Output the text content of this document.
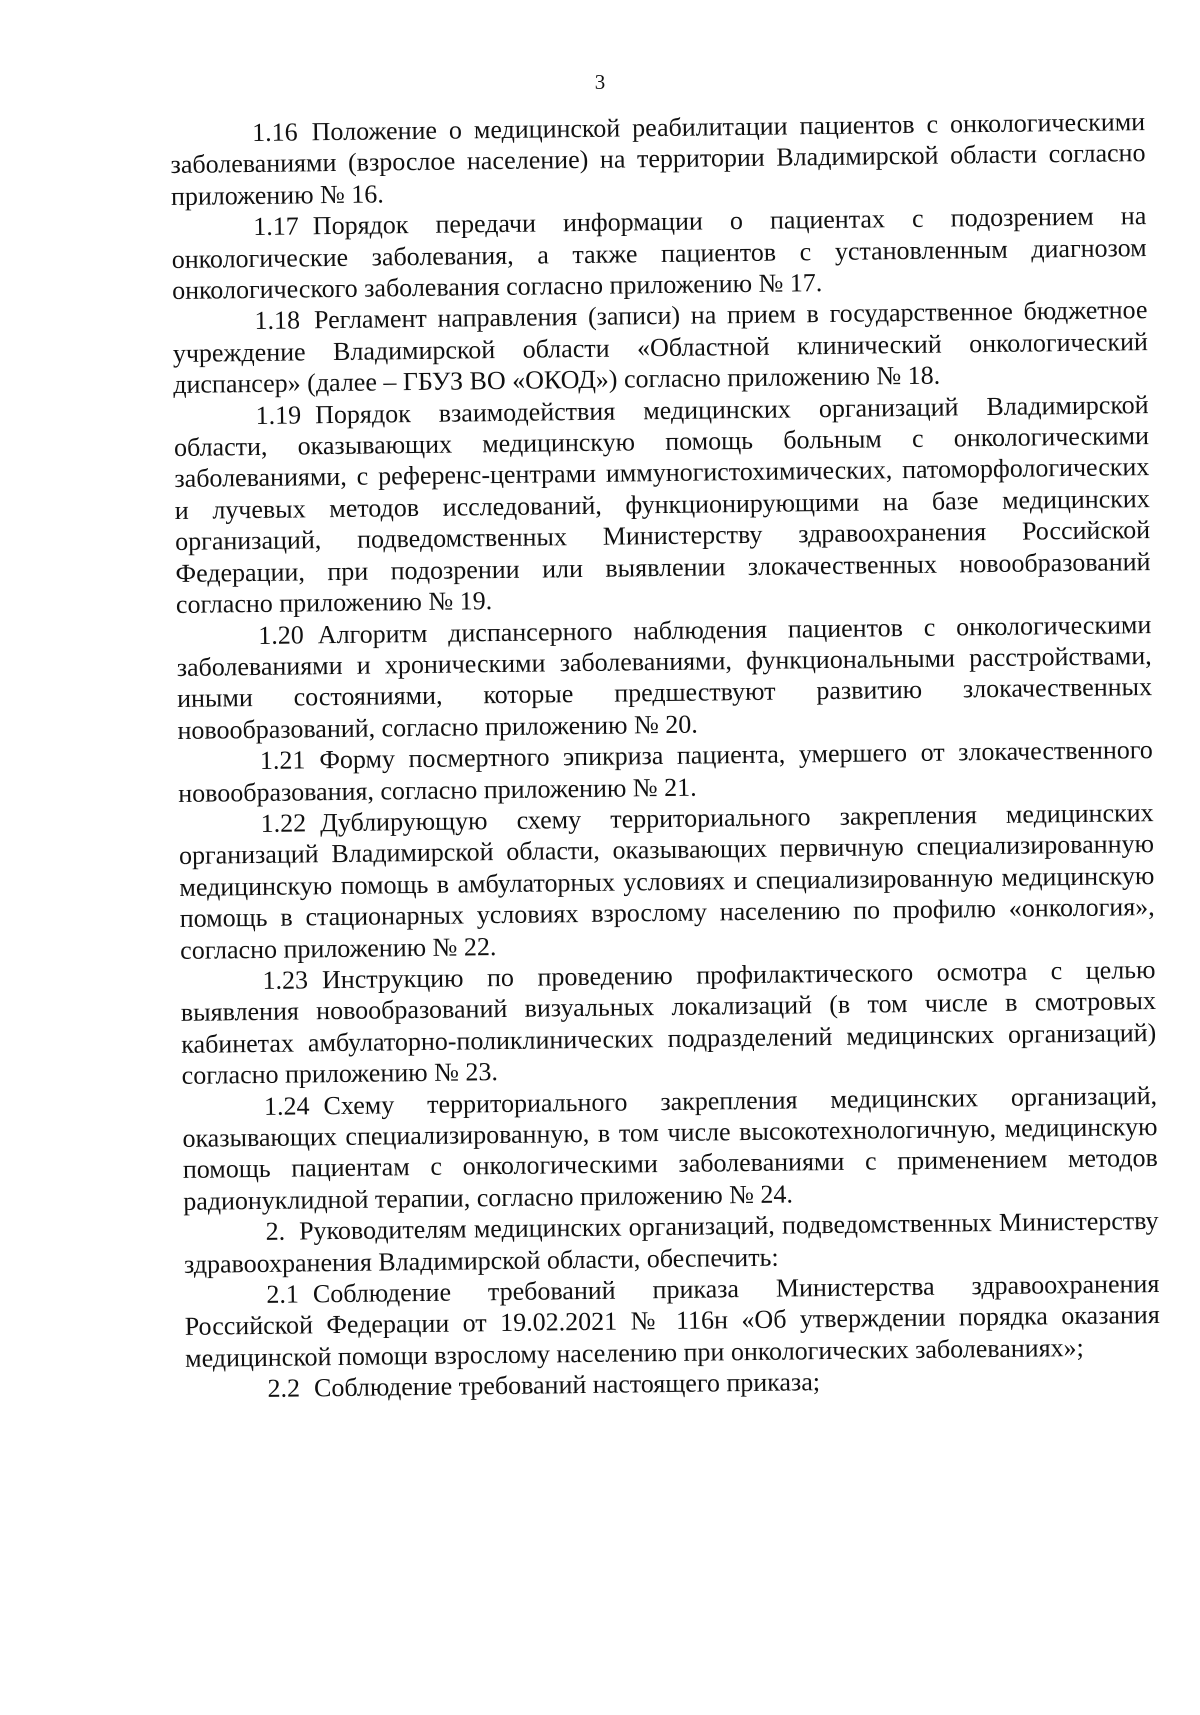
3

1.16 Положение о медицинской реабилитации пациентов с онкологическими заболеваниями (взрослое население) на территории Владимирской области согласно приложению № 16.

1.17 Порядок передачи информации о пациентах с подозрением на онкологические заболевания, а также пациентов с установленным диагнозом онкологического заболевания согласно приложению № 17.

1.18 Регламент направления (записи) на прием в государственное бюджетное учреждение Владимирской области «Областной клинический онкологический диспансер» (далее – ГБУЗ ВО «ОКОД») согласно приложению № 18.

1.19 Порядок взаимодействия медицинских организаций Владимирской области, оказывающих медицинскую помощь больным с онкологическими заболеваниями, с референс-центрами иммуногистохимических, патоморфологических и лучевых методов исследований, функционирующими на базе медицинских организаций, подведомственных Министерству здравоохранения Российской Федерации, при подозрении или выявлении злокачественных новообразований согласно приложению № 19.

1.20 Алгоритм диспансерного наблюдения пациентов с онкологическими заболеваниями и хроническими заболеваниями, функциональными расстройствами, иными состояниями, которые предшествуют развитию злокачественных новообразований, согласно приложению № 20.

1.21 Форму посмертного эпикриза пациента, умершего от злокачественного новообразования, согласно приложению № 21.

1.22 Дублирующую схему территориального закрепления медицинских организаций Владимирской области, оказывающих первичную специализированную медицинскую помощь в амбулаторных условиях и специализированную медицинскую помощь в стационарных условиях взрослому населению по профилю «онкология», согласно приложению № 22.

1.23 Инструкцию по проведению профилактического осмотра с целью выявления новообразований визуальных локализаций (в том числе в смотровых кабинетах амбулаторно-поликлинических подразделений медицинских организаций) согласно приложению № 23.

1.24 Схему территориального закрепления медицинских организаций, оказывающих специализированную, в том числе высокотехнологичную, медицинскую помощь пациентам с онкологическими заболеваниями с применением методов радионуклидной терапии, согласно приложению № 24.

2. Руководителям медицинских организаций, подведомственных Министерству здравоохранения Владимирской области, обеспечить:

2.1 Соблюдение требований приказа Министерства здравоохранения Российской Федерации от 19.02.2021 № 116н «Об утверждении порядка оказания медицинской помощи взрослому населению при онкологических заболеваниях»;

2.2 Соблюдение требований настоящего приказа;
